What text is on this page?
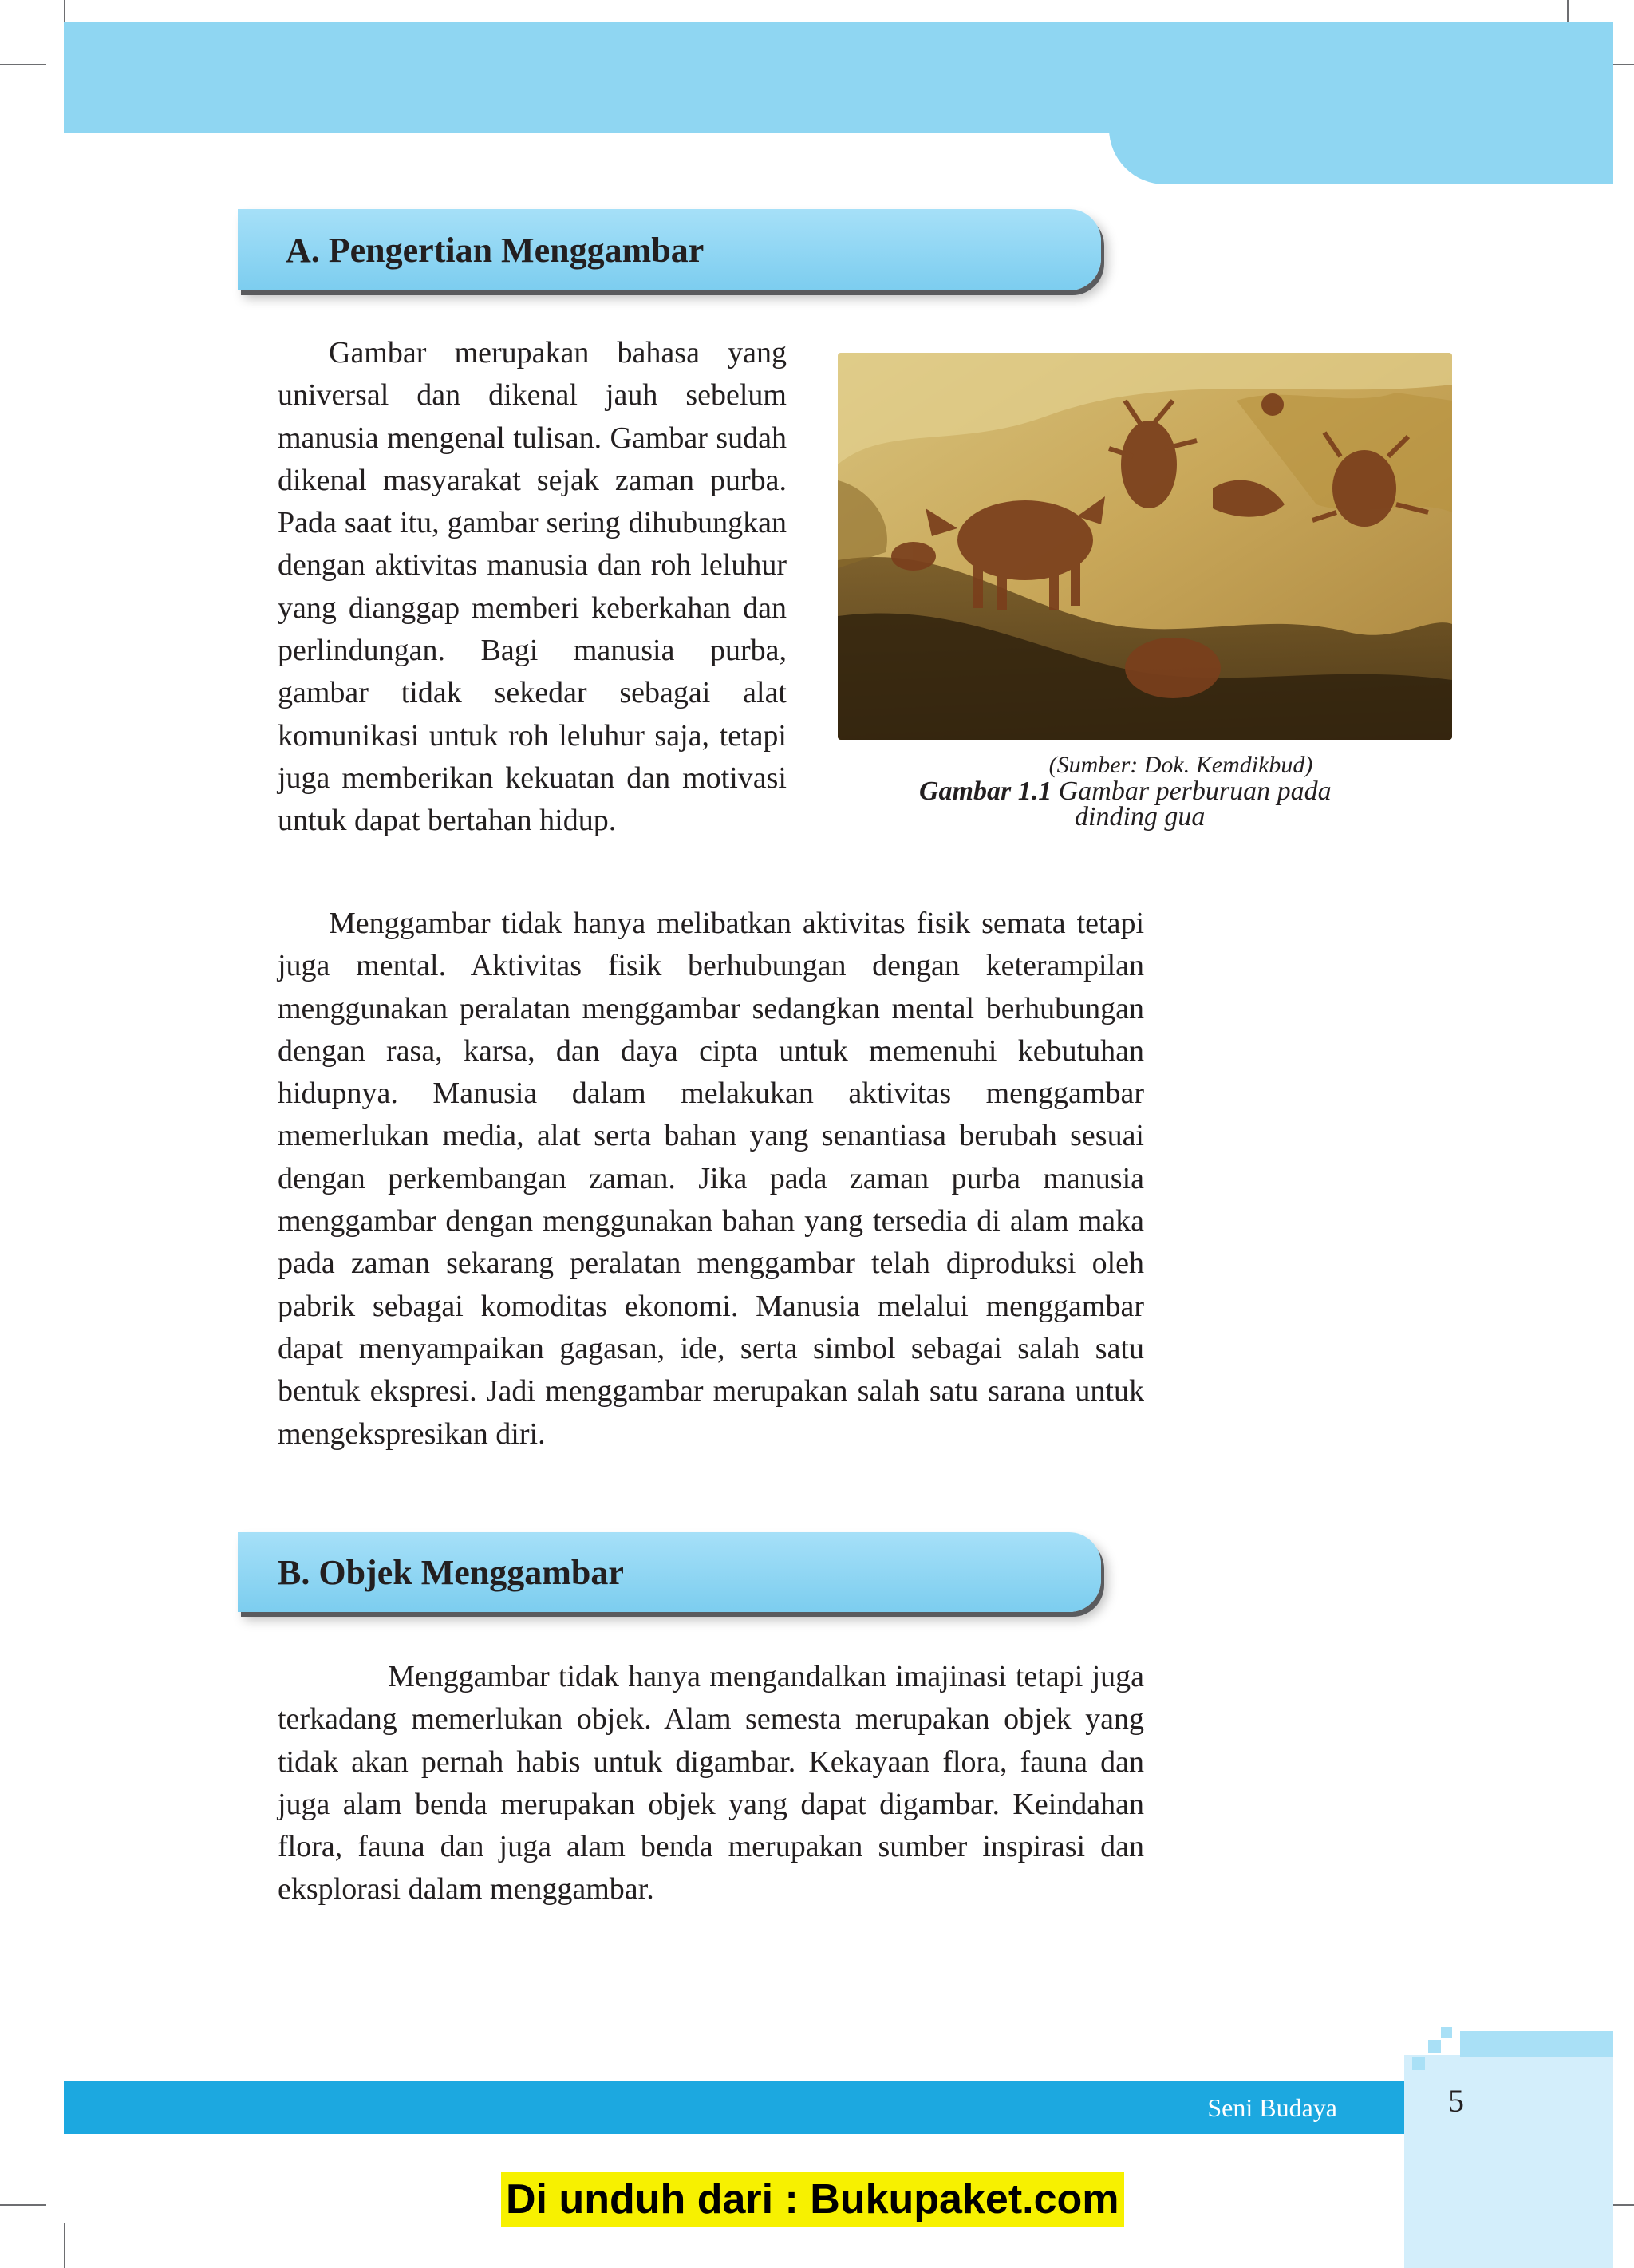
A. Pengertian Menggambar
Gambar merupakan bahasa yang universal dan dikenal jauh sebelum manusia mengenal tulisan. Gambar sudah dikenal masyarakat sejak zaman purba. Pada saat itu, gambar sering dihubungkan dengan aktivitas manusia dan roh leluhur yang dianggap memberi keberkahan dan perlindungan. Bagi manusia purba, gambar tidak sekedar sebagai alat komunikasi untuk roh leluhur saja, tetapi juga memberikan kekuatan dan motivasi untuk dapat bertahan hidup.
(Sumber: Dok. Kemdikbud)
Gambar 1.1 Gambar perburuan pada
dinding gua
Menggambar tidak hanya melibatkan aktivitas fisik semata tetapi juga mental. Aktivitas fisik berhubungan dengan keterampilan menggunakan peralatan menggambar sedangkan mental berhubungan dengan rasa, karsa, dan daya cipta untuk memenuhi kebutuhan hidupnya. Manusia dalam melakukan aktivitas menggambar memerlukan media, alat serta bahan yang senantiasa berubah sesuai dengan perkembangan zaman. Jika pada zaman purba manusia menggambar dengan menggunakan bahan yang tersedia di alam maka pada zaman sekarang peralatan menggambar telah diproduksi oleh pabrik sebagai komoditas ekonomi. Manusia melalui menggambar dapat menyampaikan gagasan, ide, serta simbol sebagai salah satu bentuk ekspresi. Jadi menggambar merupakan salah satu sarana untuk mengekspresikan diri.
B. Objek Menggambar
Menggambar tidak hanya mengandalkan imajinasi tetapi juga terkadang memerlukan objek. Alam semesta merupakan objek yang tidak akan pernah habis untuk digambar. Kekayaan flora, fauna dan juga alam benda merupakan objek yang dapat digambar. Keindahan flora, fauna dan juga alam benda merupakan sumber inspirasi dan eksplorasi dalam menggambar.
Seni Budaya	5
Di unduh dari : Bukupaket.com
